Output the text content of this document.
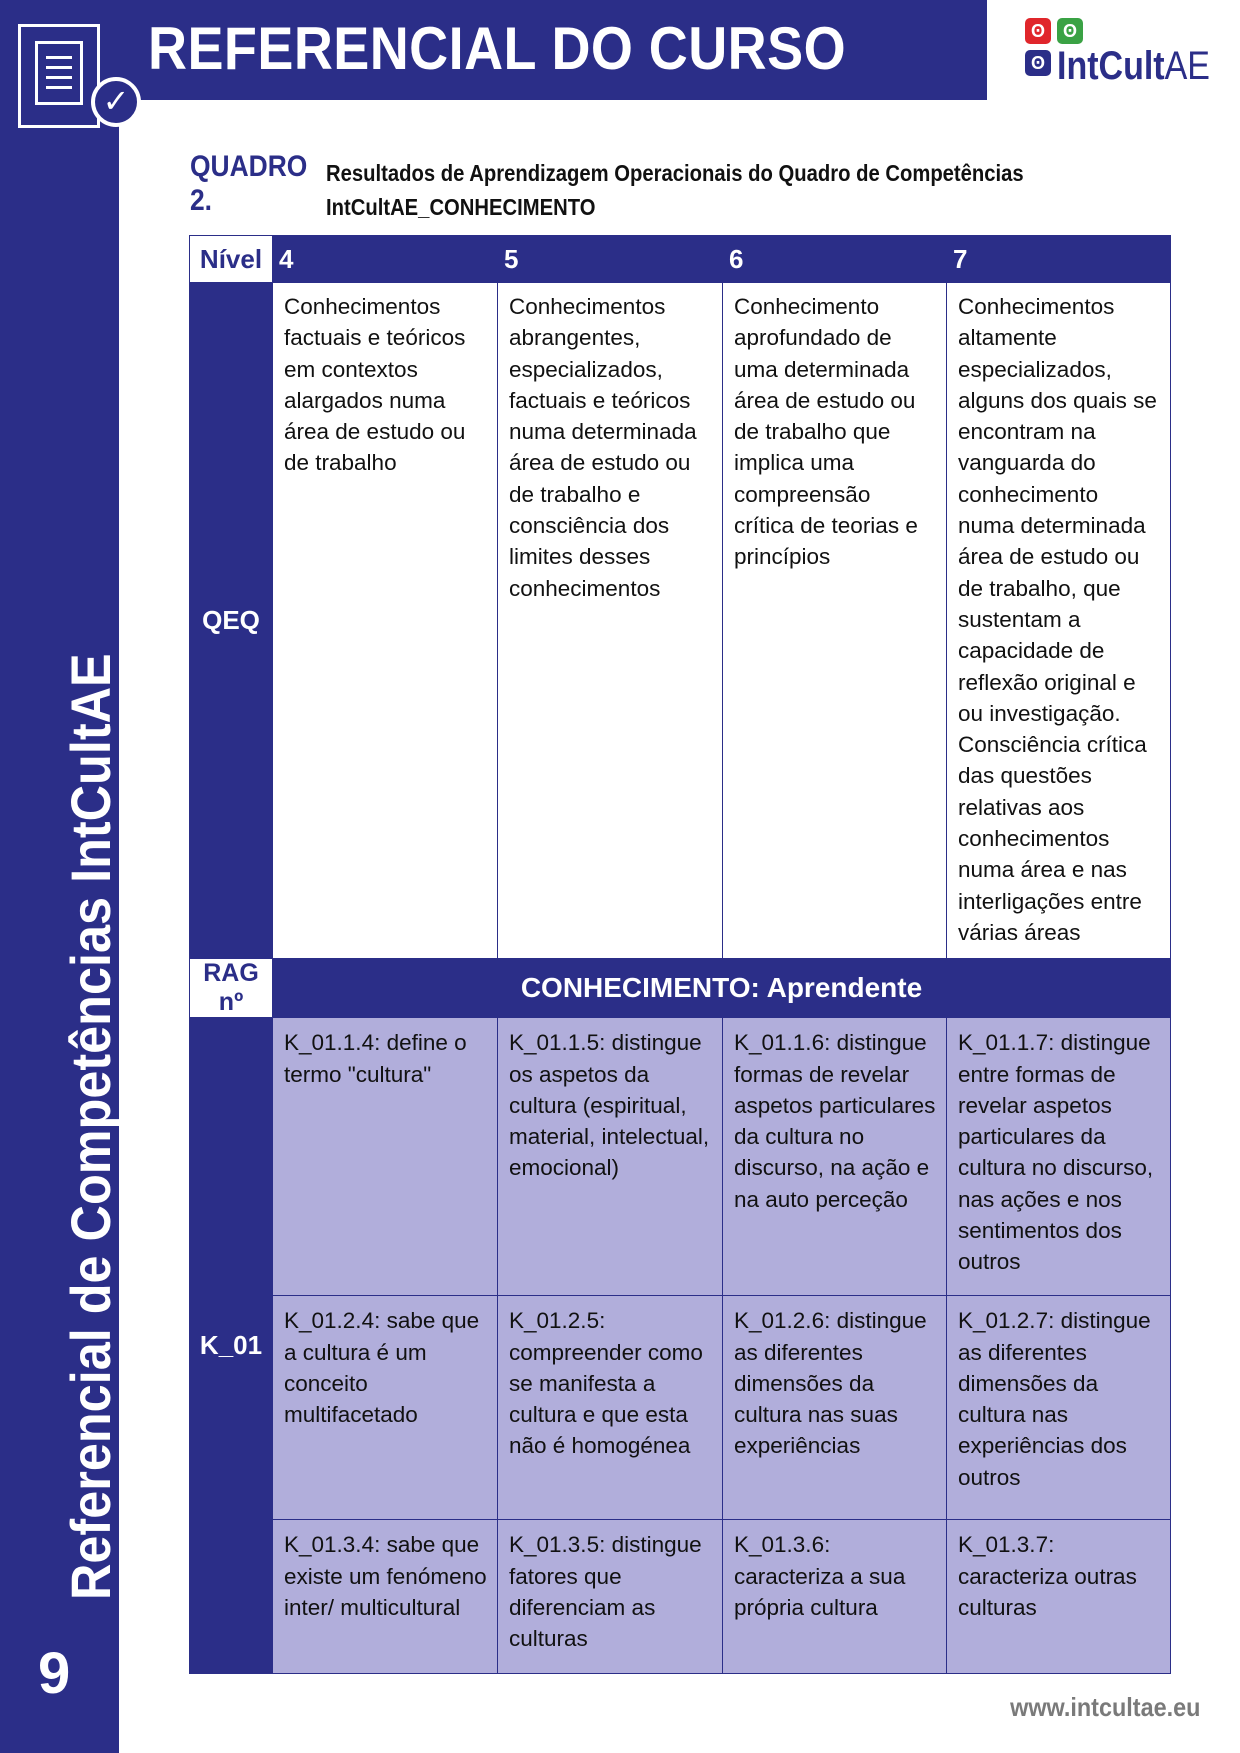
✓
REFERENCIAL DO CURSO	ʘ ʘ
ʘ IntCultAE
Referencial de Competências IntCultAE
9
QUADRO 2.Resultados de Aprendizagem Operacionais do Quadro de Competências
IntCultAE_CONHECIMENTO
Nível	4	5	6	7
QEQ	Conhecimentos factuais e teóricos em contextos alargados numa área de estudo ou de trabalho	Conhecimentos abrangentes, especializados, factuais e teóricos numa determinada área de estudo ou de trabalho e consciência dos limites desses conhecimentos	Conhecimento aprofundado de uma determinada área de estudo ou de trabalho que implica uma compreensão crítica de teorias e princípios	Conhecimentos altamente especializados, alguns dos quais se encontram na vanguarda do conhecimento numa determinada área de estudo ou de trabalho, que sustentam a capacidade de reflexão original e ou investigação. Consciência crítica das questões relativas aos conhecimentos numa área e nas interligações entre várias áreas
RAG nº	CONHECIMENTO: Aprendente			
K_01	K_01.1.4: define o termo "cultura"	K_01.1.5: distingue os aspetos da cultura (espiritual, material, intelectual, emocional)	K_01.1.6: distingue formas de revelar aspetos particulares da cultura no discurso, na ação e na auto perceção	K_01.1.7: distingue entre formas de revelar aspetos particulares da cultura no discurso, nas ações e nos sentimentos dos outros
	K_01.2.4: sabe que a cultura é um conceito multifacetado	K_01.2.5: compreender como se manifesta a cultura e que esta não é homogénea	K_01.2.6: distingue as diferentes dimensões da cultura nas suas experiências	K_01.2.7: distingue as diferentes dimensões da cultura nas experiências dos outros
	K_01.3.4: sabe que existe um fenómeno inter/ multicultural	K_01.3.5: distingue fatores que diferenciam as culturas	K_01.3.6: caracteriza a sua própria cultura	K_01.3.7: caracteriza outras culturas
www.intcultae.eu
